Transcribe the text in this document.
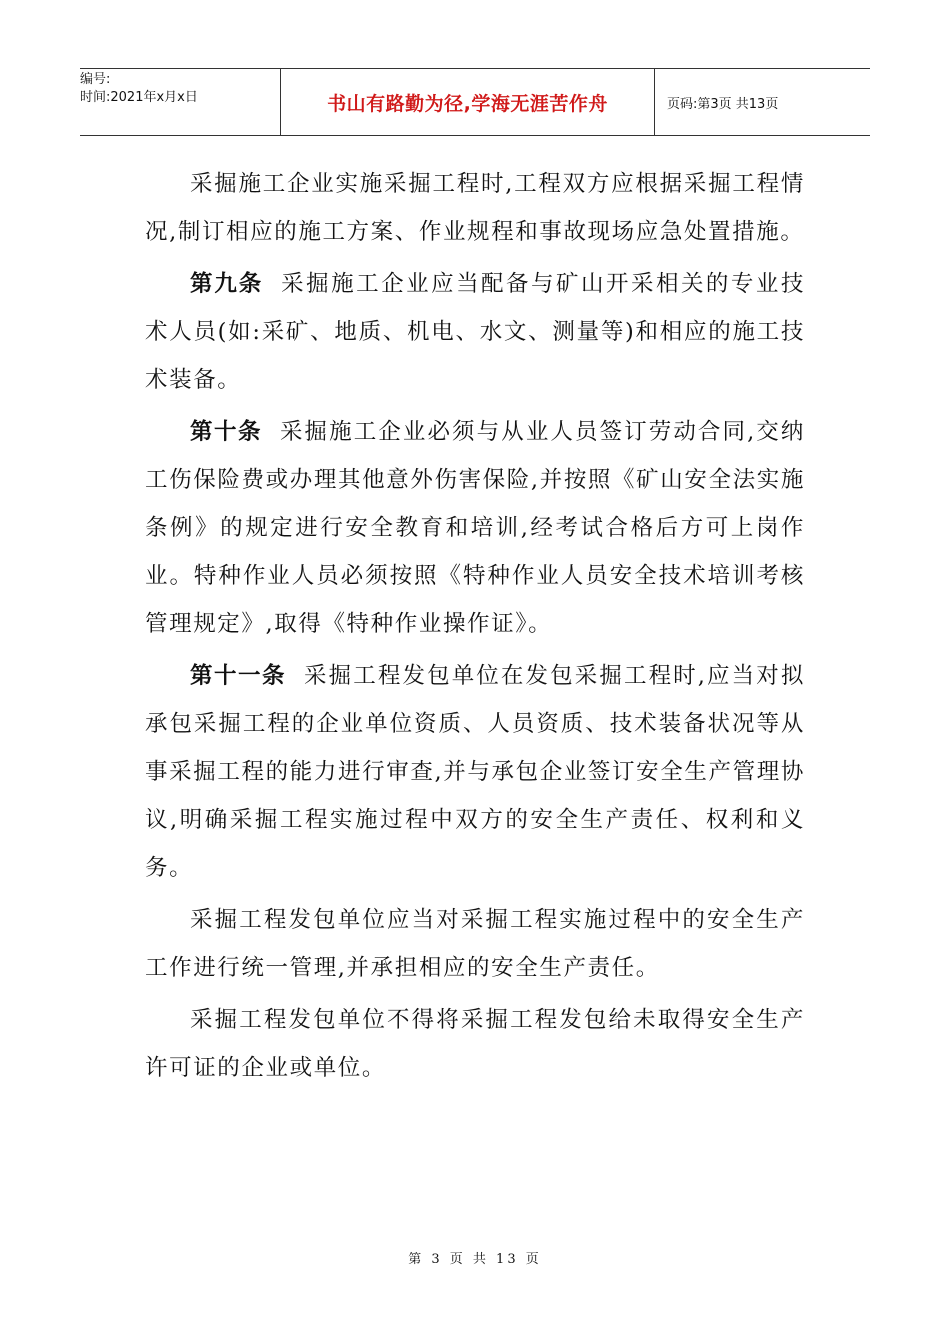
编号:
时间:2021年x月x日	书山有路勤为径,学海无涯苦作舟	页码:第3页 共13页

采掘施工企业实施采掘工程时,工程双方应根据采掘工程情况,制订相应的施工方案、作业规程和事故现场应急处置措施。

第九条 采掘施工企业应当配备与矿山开采相关的专业技术人员(如:采矿、地质、机电、水文、测量等)和相应的施工技术装备。

第十条 采掘施工企业必须与从业人员签订劳动合同,交纳工伤保险费或办理其他意外伤害保险,并按照《矿山安全法实施条例》的规定进行安全教育和培训,经考试合格后方可上岗作业。特种作业人员必须按照《特种作业人员安全技术培训考核管理规定》,取得《特种作业操作证》。

第十一条 采掘工程发包单位在发包采掘工程时,应当对拟承包采掘工程的企业单位资质、人员资质、技术装备状况等从事采掘工程的能力进行审查,并与承包企业签订安全生产管理协议,明确采掘工程实施过程中双方的安全生产责任、权利和义务。

采掘工程发包单位应当对采掘工程实施过程中的安全生产工作进行统一管理,并承担相应的安全生产责任。

采掘工程发包单位不得将采掘工程发包给未取得安全生产许可证的企业或单位。

第 3 页 共 13 页
